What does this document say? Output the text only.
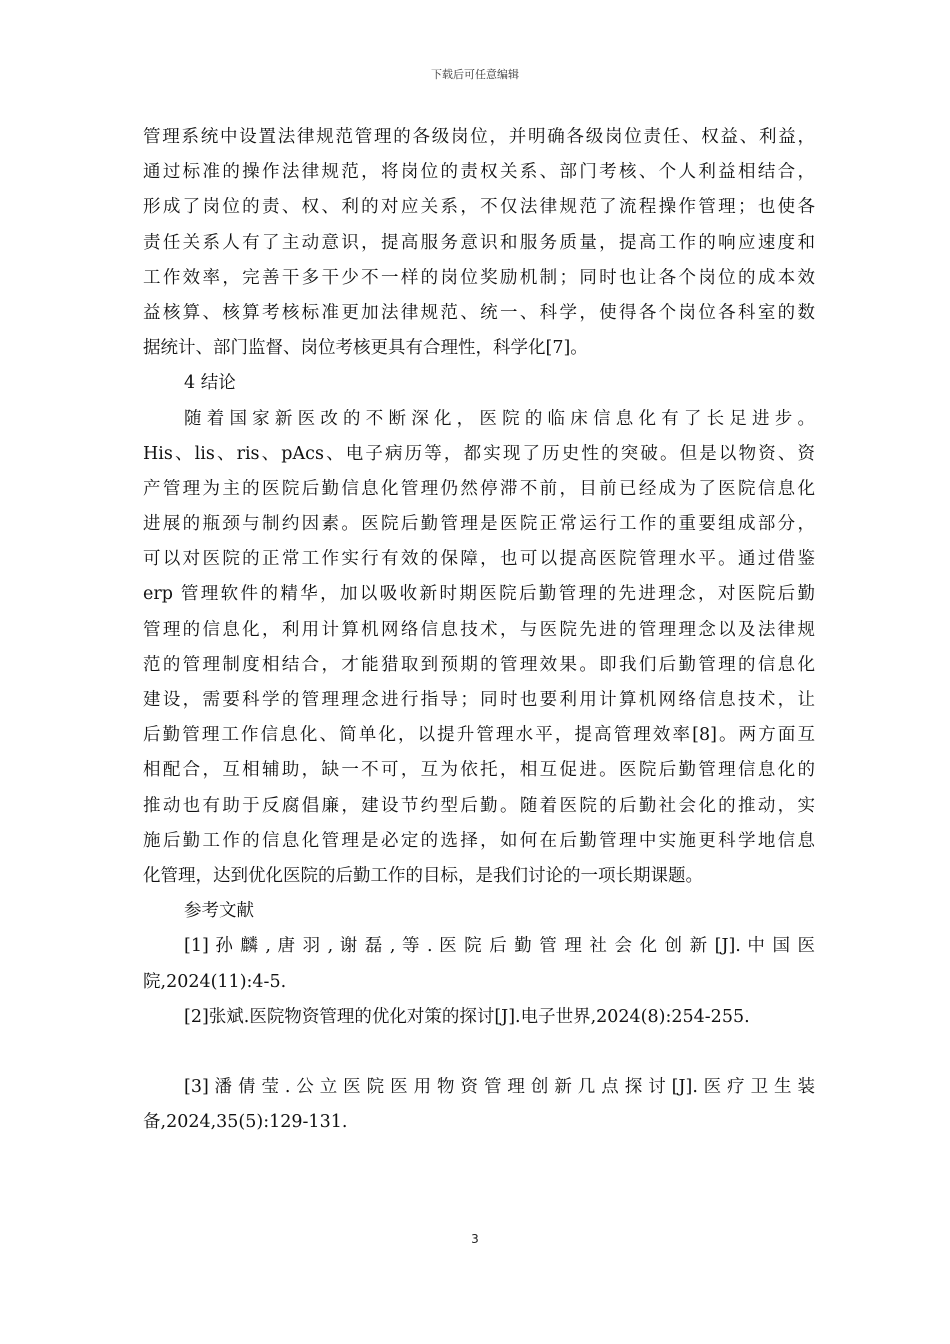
下载后可任意编辑
管理系统中设置法律规范管理的各级岗位，并明确各级岗位责任、权益、利益，
通过标准的操作法律规范，将岗位的责权关系、部门考核、个人利益相结合，
形成了岗位的责、权、利的对应关系，不仅法律规范了流程操作管理；也使各
责任关系人有了主动意识，提高服务意识和服务质量，提高工作的响应速度和
工作效率，完善干多干少不一样的岗位奖励机制；同时也让各个岗位的成本效
益核算、核算考核标准更加法律规范、统一、科学，使得各个岗位各科室的数
据统计、部门监督、岗位考核更具有合理性，科学化[7]。
4 结论
随着国家新医改的不断深化，医院的临床信息化有了长足进步。
His、lis、ris、pAcs、电子病历等，都实现了历史性的突破。但是以物资、资
产管理为主的医院后勤信息化管理仍然停滞不前，目前已经成为了医院信息化
进展的瓶颈与制约因素。医院后勤管理是医院正常运行工作的重要组成部分，
可以对医院的正常工作实行有效的保障，也可以提高医院管理水平。通过借鉴
erp 管理软件的精华，加以吸收新时期医院后勤管理的先进理念，对医院后勤
管理的信息化，利用计算机网络信息技术，与医院先进的管理理念以及法律规
范的管理制度相结合，才能猎取到预期的管理效果。即我们后勤管理的信息化
建设，需要科学的管理理念进行指导；同时也要利用计算机网络信息技术，让
后勤管理工作信息化、简单化，以提升管理水平，提高管理效率[8]。两方面互
相配合，互相辅助，缺一不可，互为依托，相互促进。医院后勤管理信息化的
推动也有助于反腐倡廉，建设节约型后勤。随着医院的后勤社会化的推动，实
施后勤工作的信息化管理是必定的选择，如何在后勤管理中实施更科学地信息
化管理，达到优化医院的后勤工作的目标，是我们讨论的一项长期课题。
参考文献
[1] 孙 麟 , 唐 羽 , 谢 磊 , 等 . 医 院 后 勤 管 理 社 会 化 创 新 [J]. 中 国 医
院,2024(11):4-5.
[2]张斌.医院物资管理的优化对策的探讨[J].电子世界,2024(8):254-255.
[3] 潘 倩 莹 . 公 立 医 院 医 用 物 资 管 理 创 新 几 点 探 讨 [J]. 医 疗 卫 生 装
备,2024,35(5):129-131.
3
